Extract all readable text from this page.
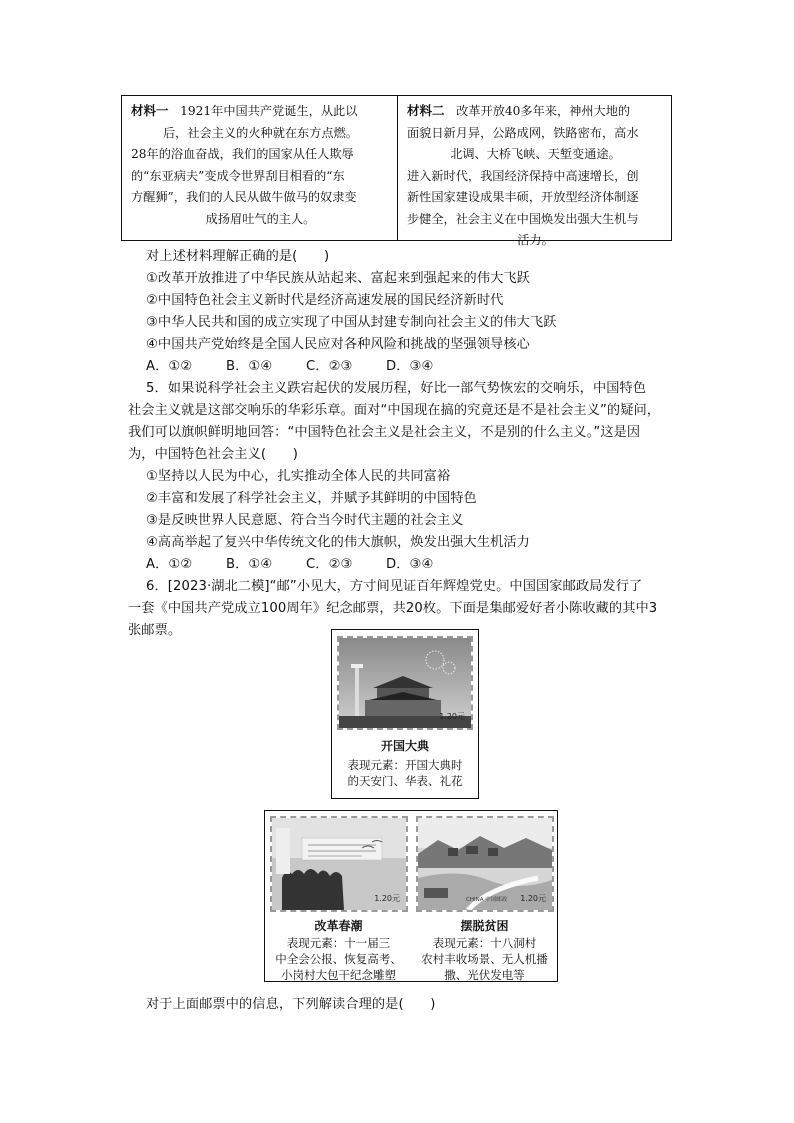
材料一 1921年中国共产党诞生，从此以

后，社会主义的火种就在东方点燃。

28年的浴血奋战，我们的国家从任人欺辱

的“东亚病夫”变成令世界刮目相看的“东

方醒狮”，我们的人民从做牛做马的奴隶变

成扬眉吐气的主人。

材料二 改革开放40多年来，神州大地的

面貌日新月异，公路成网，铁路密布，高水

北调、大桥飞峡、天堑变通途。

进入新时代，我国经济保持中高速增长，创

新性国家建设成果丰硕，开放型经济体制逐

步健全，社会主义在中国焕发出强大生机与

活力。

对上述材料理解正确的是(　　)
①改革开放推进了中华民族从站起来、富起来到强起来的伟大飞跃
②中国特色社会主义新时代是经济高速发展的国民经济新时代
③中华人民共和国的成立实现了中国从封建专制向社会主义的伟大飞跃
④中国共产党始终是全国人民应对各种风险和挑战的坚强领导核心
A．①②	B．①④	C．②③	D．③④
5．如果说科学社会主义跌宕起伏的发展历程，好比一部气势恢宏的交响乐，中国特色
社会主义就是这部交响乐的华彩乐章。面对“中国现在搞的究竟还是不是社会主义”的疑问，
我们可以旗帜鲜明地回答：“中国特色社会主义是社会主义，不是别的什么主义。”这是因
为，中国特色社会主义(　　)
①坚持以人民为中心，扎实推动全体人民的共同富裕
②丰富和发展了科学社会主义，并赋予其鲜明的中国特色
③是反映世界人民意愿、符合当今时代主题的社会主义
④高高举起了复兴中华传统文化的伟大旗帜，焕发出强大生机活力
A．①②	B．①④	C．②③	D．③④
6．[2023·湖北二模]“邮”小见大，方寸间见证百年辉煌党史。中国国家邮政局发行了
一套《中国共产党成立100周年》纪念邮票，共20枚。下面是集邮爱好者小陈收藏的其中3
张邮票。
1.20元
开国大典
表现元素：开国大典时
的天安门、华表、礼花
1.20元	CHINA 中国邮政 1.20元
改革春潮
表现元素：十一届三
中全会公报、恢复高考、
小岗村大包干纪念雕塑
摆脱贫困
表现元素：十八洞村
农村丰收场景、无人机播
撒、光伏发电等
对于上面邮票中的信息，下列解读合理的是(　　)
